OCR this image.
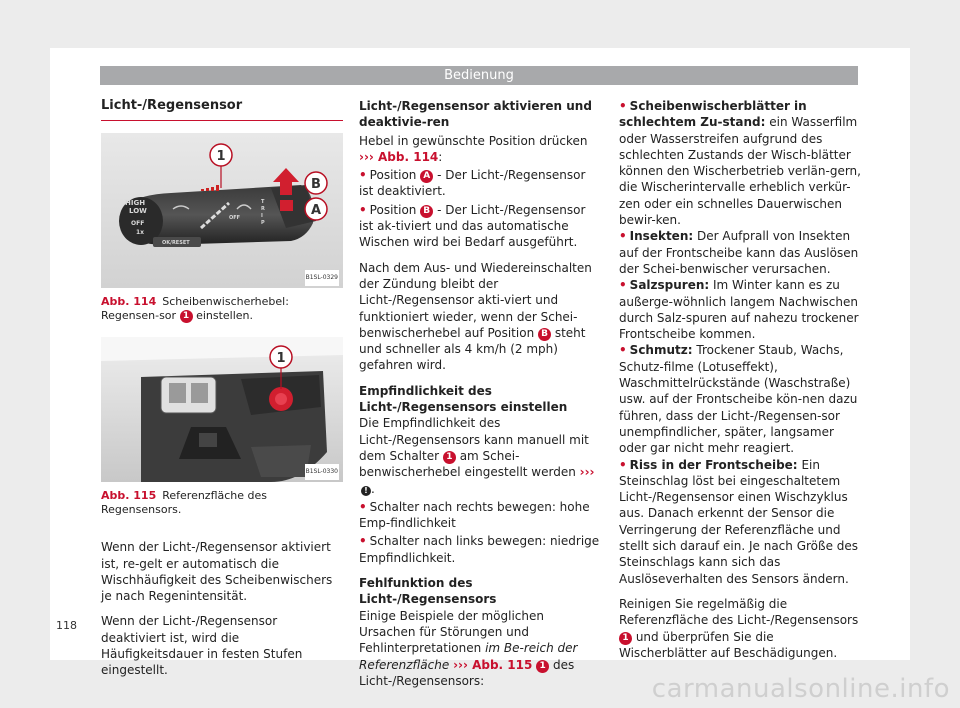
Bedienung
Licht-/Regensensor
HIGH
LOW
OFF
1x
OK/RESET
OFF
T
R
I
P
1
B
A
B1SL-0329
Abb. 114 Scheibenwischerhebel: Regensen-sor 1 einstellen.
1
B1SL-0330
Abb. 115 Referenzfläche des Regensensors.

Wenn der Licht-/Regensensor aktiviert ist, re-gelt er automatisch die Wischhäufigkeit des Scheibenwischers je nach Regenintensität.

Wenn der Licht-/Regensensor deaktiviert ist, wird die Häufigkeitsdauer in festen Stufen eingestellt.

Licht-/Regensensor aktivieren und deaktivie-ren

Hebel in gewünschte Position drücken
››› Abb. 114:

• Position A - Der Licht-/Regensensor ist deaktiviert.

• Position B - Der Licht-/Regensensor ist ak-tiviert und das automatische Wischen wird bei Bedarf ausgeführt.

Nach dem Aus- und Wiedereinschalten der Zündung bleibt der Licht-/Regensensor akti-viert und funktioniert wieder, wenn der Schei-benwischerhebel auf Position B steht und schneller als 4 km/h (2 mph) gefahren wird.

Empfindlichkeit des Licht-/Regensensors einstellen

Die Empfindlichkeit des Licht-/Regensensors kann manuell mit dem Schalter 1 am Schei-benwischerhebel eingestellt werden ›››! .

• Schalter nach rechts bewegen: hohe Emp-findlichkeit

• Schalter nach links bewegen: niedrige Empfindlichkeit.

Fehlfunktion des Licht-/Regensensors

Einige Beispiele der möglichen Ursachen für Störungen und Fehlinterpretationen im Be-reich der Referenzfläche ››› Abb. 115 1 des Licht-/Regensensors:

• Scheibenwischerblätter in schlechtem Zu-stand: ein Wasserfilm oder Wasserstreifen aufgrund des schlechten Zustands der Wisch-blätter können den Wischerbetrieb verlän-gern, die Wischerintervalle erheblich verkür-zen oder ein schnelles Dauerwischen bewir-ken.

• Insekten: Der Aufprall von Insekten auf der Frontscheibe kann das Auslösen der Schei-benwischer verursachen.

• Salzspuren: Im Winter kann es zu außerge-wöhnlich langem Nachwischen durch Salz-spuren auf nahezu trockener Frontscheibe kommen.

• Schmutz: Trockener Staub, Wachs, Schutz-filme (Lotuseffekt), Waschmittelrückstände (Waschstraße) usw. auf der Frontscheibe kön-nen dazu führen, dass der Licht-/Regensen-sor unempfindlicher, später, langsamer oder gar nicht mehr reagiert.

• Riss in der Frontscheibe: Ein Steinschlag löst bei eingeschaltetem Licht-/Regensensor einen Wischzyklus aus. Danach erkennt der Sensor die Verringerung der Referenzfläche und stellt sich darauf ein. Je nach Größe des Steinschlags kann sich das Auslöseverhalten des Sensors ändern.

Reinigen Sie regelmäßig die Referenzfläche des Licht-/Regensensors 1 und überprüfen Sie die Wischerblätter auf Beschädigungen.

118
carmanualsonline.info
